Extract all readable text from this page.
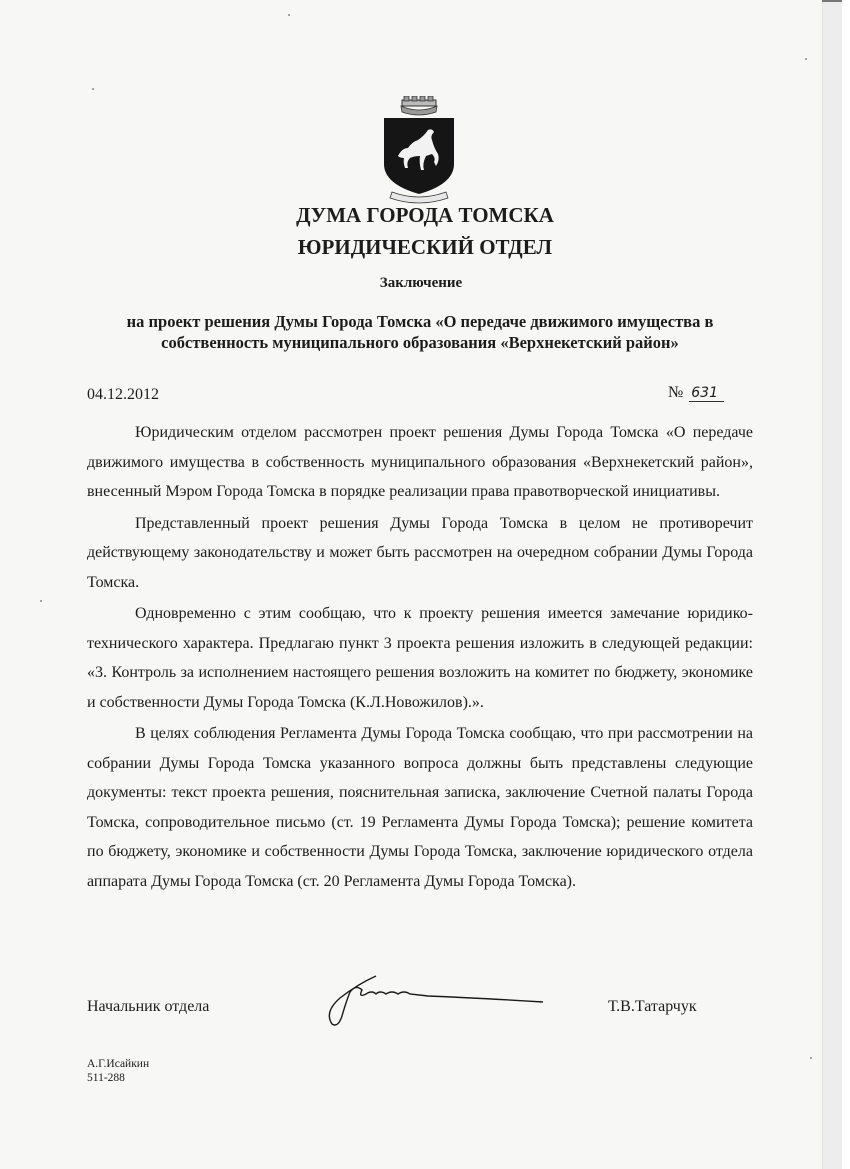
ДУМА ГОРОДА ТОМСКА
ЮРИДИЧЕСКИЙ ОТДЕЛ
Заключение
на проект решения Думы Города Томска «О передаче движимого имущества в собственность муниципального образования «Верхнекетский район»
04.12.2012	№ 631

Юридическим отделом рассмотрен проект решения Думы Города Томска «О передаче движимого имущества в собственность муниципального образования «Верхнекетский район», внесенный Мэром Города Томска в порядке реализации права правотворческой инициативы.

Представленный проект решения Думы Города Томска в целом не противоречит действующему законодательству и может быть рассмотрен на очередном собрании Думы Города Томска.

Одновременно с этим сообщаю, что к проекту решения имеется замечание юридико-технического характера. Предлагаю пункт 3 проекта решения изложить в следующей редакции: «3. Контроль за исполнением настоящего решения возложить на комитет по бюджету, экономике и собственности Думы Города Томска (К.Л.Новожилов).».

В целях соблюдения Регламента Думы Города Томска сообщаю, что при рассмотрении на собрании Думы Города Томска указанного вопроса должны быть представлены следующие документы: текст проекта решения, пояснительная записка, заключение Счетной палаты Города Томска, сопроводительное письмо (ст. 19 Регламента Думы Города Томска); решение комитета по бюджету, экономике и собственности Думы Города Томска, заключение юридического отдела аппарата Думы Города Томска (ст. 20 Регламента Думы Города Томска).

Начальник отдела	Т.В.Татарчук
А.Г.Исайкин
511-288
